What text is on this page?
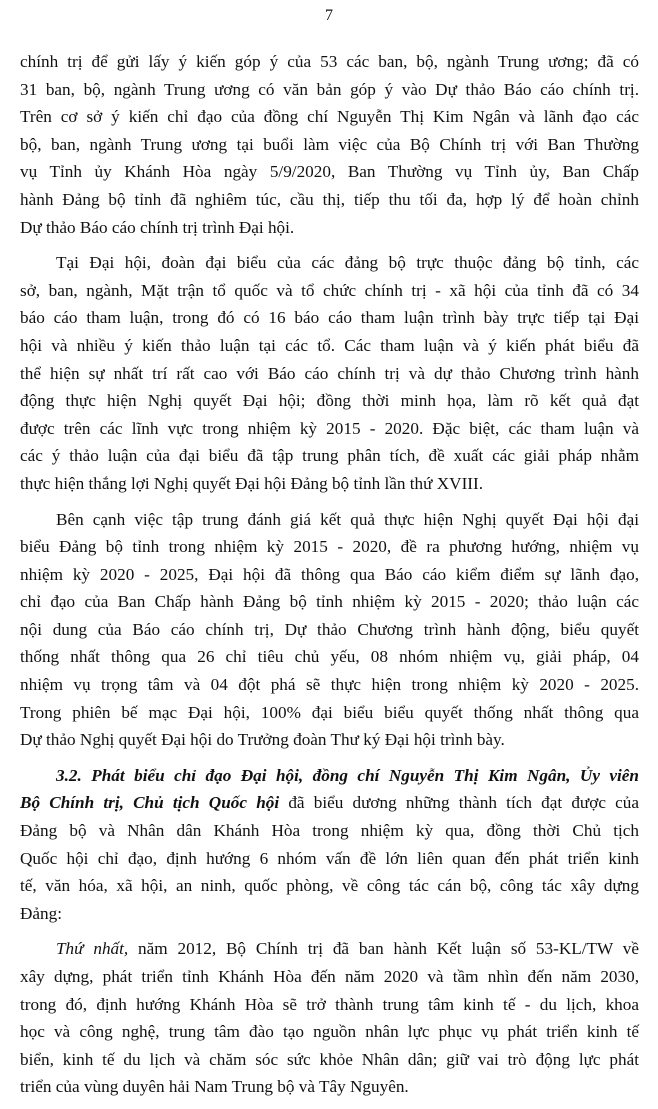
7
chính trị để gửi lấy ý kiến góp ý của 53 các ban, bộ, ngành Trung ương; đã có
31 ban, bộ, ngành Trung ương có văn bản góp ý vào Dự thảo Báo cáo chính trị.
Trên cơ sở ý kiến chỉ đạo của đồng chí Nguyễn Thị Kim Ngân và lãnh đạo các
bộ, ban, ngành Trung ương tại buổi làm việc của Bộ Chính trị với Ban Thường
vụ Tỉnh ủy Khánh Hòa ngày 5/9/2020, Ban Thường vụ Tỉnh ủy, Ban Chấp
hành Đảng bộ tỉnh đã nghiêm túc, cầu thị, tiếp thu tối đa, hợp lý để hoàn chỉnh
Dự thảo Báo cáo chính trị trình Đại hội.
Tại Đại hội, đoàn đại biểu của các đảng bộ trực thuộc đảng bộ tỉnh, các
sở, ban, ngành, Mặt trận tổ quốc và tổ chức chính trị - xã hội của tỉnh đã có 34
báo cáo tham luận, trong đó có 16 báo cáo tham luận trình bày trực tiếp tại Đại
hội và nhiều ý kiến thảo luận tại các tổ. Các tham luận và ý kiến phát biểu đã
thể hiện sự nhất trí rất cao với Báo cáo chính trị và dự thảo Chương trình hành
động thực hiện Nghị quyết Đại hội; đồng thời minh họa, làm rõ kết quả đạt
được trên các lĩnh vực trong nhiệm kỳ 2015 - 2020. Đặc biệt, các tham luận và
các ý thảo luận của đại biểu đã tập trung phân tích, đề xuất các giải pháp nhằm
thực hiện thắng lợi Nghị quyết Đại hội Đảng bộ tỉnh lần thứ XVIII.
Bên cạnh việc tập trung đánh giá kết quả thực hiện Nghị quyết Đại hội đại
biểu Đảng bộ tỉnh trong nhiệm kỳ 2015 - 2020, đề ra phương hướng, nhiệm vụ
nhiệm kỳ 2020 - 2025, Đại hội đã thông qua Báo cáo kiểm điểm sự lãnh đạo,
chỉ đạo của Ban Chấp hành Đảng bộ tỉnh nhiệm kỳ 2015 - 2020; thảo luận các
nội dung của Báo cáo chính trị, Dự thảo Chương trình hành động, biểu quyết
thống nhất thông qua 26 chỉ tiêu chủ yếu, 08 nhóm nhiệm vụ, giải pháp, 04
nhiệm vụ trọng tâm và 04 đột phá sẽ thực hiện trong nhiệm kỳ 2020 - 2025.
Trong phiên bế mạc Đại hội, 100% đại biểu biểu quyết thống nhất thông qua
Dự thảo Nghị quyết Đại hội do Trưởng đoàn Thư ký Đại hội trình bày.
3.2. Phát biểu chỉ đạo Đại hội, đồng chí Nguyễn Thị Kim Ngân, Ủy viên
Bộ Chính trị, Chủ tịch Quốc hội đã biểu dương những thành tích đạt được của
Đảng bộ và Nhân dân Khánh Hòa trong nhiệm kỳ qua, đồng thời Chủ tịch
Quốc hội chỉ đạo, định hướng 6 nhóm vấn đề lớn liên quan đến phát triển kinh
tế, văn hóa, xã hội, an ninh, quốc phòng, về công tác cán bộ, công tác xây dựng
Đảng:
Thứ nhất, năm 2012, Bộ Chính trị đã ban hành Kết luận số 53-KL/TW về
xây dựng, phát triển tỉnh Khánh Hòa đến năm 2020 và tầm nhìn đến năm 2030,
trong đó, định hướng Khánh Hòa sẽ trở thành trung tâm kinh tế - du lịch, khoa
học và công nghệ, trung tâm đào tạo nguồn nhân lực phục vụ phát triển kinh tế
biển, kinh tế du lịch và chăm sóc sức khỏe Nhân dân; giữ vai trò động lực phát
triển của vùng duyên hải Nam Trung bộ và Tây Nguyên.
